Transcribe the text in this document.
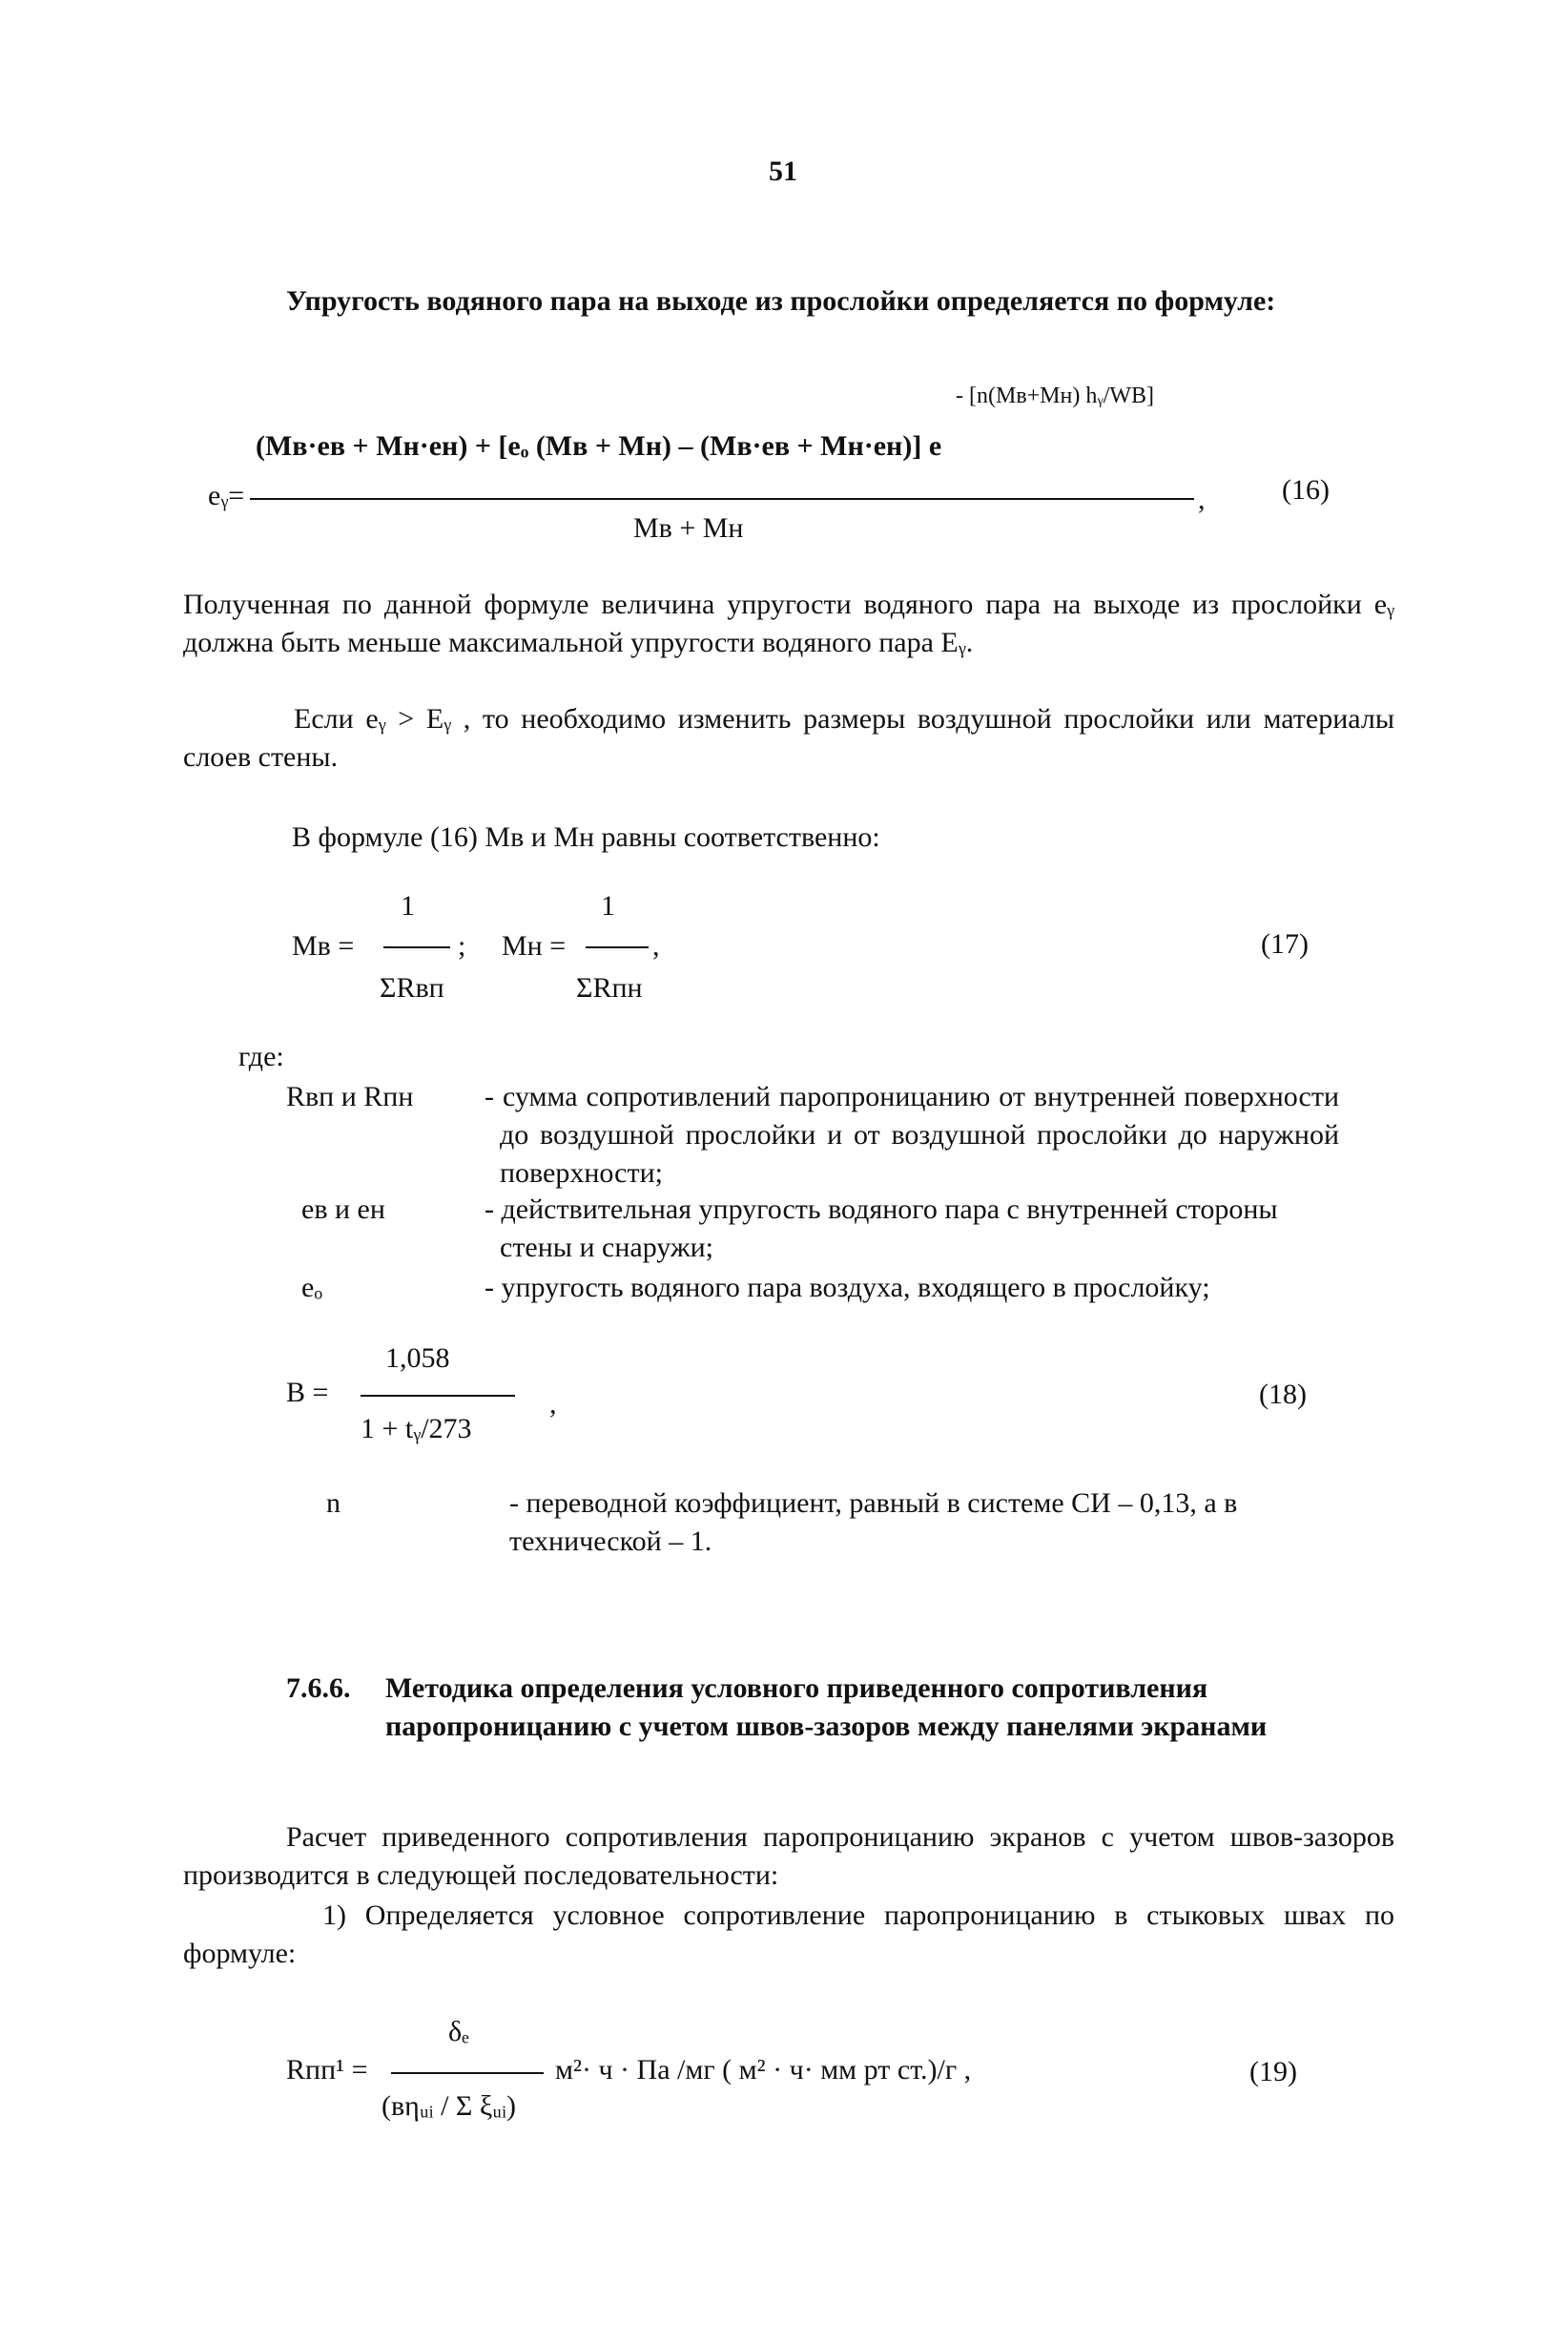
51
Упругость водяного пара на выходе из прослойки определяется по формуле:
- [n(Mв+Mн) hᵧ/WB]
(Mв·eв + Mн·eн) + [eₒ (Mв + Mн) – (Mв·eв + Mн·eн)] e
eᵧ=	,
Mв + Mн
(16)
Полученная по данной формуле величина упругости водяного пара на выходе из прослойки eᵧ должна быть меньше максимальной упругости водяного пара Eᵧ.
Если eᵧ > Eᵧ , то необходимо изменить размеры воздушной прослойки или материалы слоев стены.
В формуле (16) Mв и Mн равны соответственно:
1
Mв =	;
ΣRвп
1
Mн =	,
ΣRпн
(17)
где:
Rвп и Rпн - сумма сопротивлений паропроницанию от внутренней поверхности до воздушной прослойки и от воздушной прослойки до наружной поверхности;
eв и eн	- действительная упругость водяного пара с внутренней стороны стены и снаружи;
eₒ	- упругость водяного пара воздуха, входящего в прослойку;
1,058
B =	,
1 + tᵧ/273
(18)
n	- переводной коэффициент, равный в системе СИ – 0,13, а в технической – 1.
7.6.6. Методика определения условного приведенного сопротивления паропроницанию с учетом швов-зазоров между панелями экранами
Расчет приведенного сопротивления паропроницанию экранов с учетом швов-зазоров производится в следующей последовательности:
1) Определяется условное сопротивление паропроницанию в стыковых швах по формуле:
δₑ
Rпп¹ =	м²· ч · Па /мг ( м² · ч· мм рт ст.)/г ,
(вηᵤᵢ / Σ ξᵤᵢ)
(19)
